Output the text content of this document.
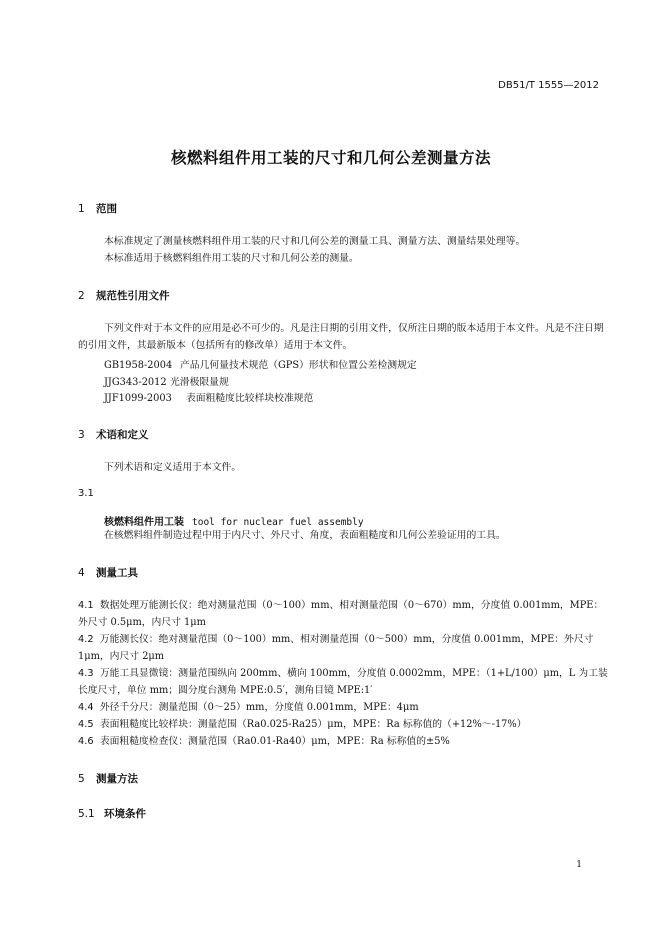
DB51/T 1555—2012
核燃料组件用工装的尺寸和几何公差测量方法
1 范围
本标准规定了测量核燃料组件用工装的尺寸和几何公差的测量工具、测量方法、测量结果处理等。
本标准适用于核燃料组件用工装的尺寸和几何公差的测量。
2 规范性引用文件
下列文件对于本文件的应用是必不可少的。凡是注日期的引用文件，仅所注日期的版本适用于本文件。凡是不注日期的引用文件，其最新版本（包括所有的修改单）适用于本文件。
GB1958-2004 产品几何量技术规范（GPS）形状和位置公差检测规定
JJG343-2012 光滑极限量规
JJF1099-2003 表面粗糙度比较样块校准规范
3 术语和定义
下列术语和定义适用于本文件。
3.1
核燃料组件用工装 tool for nuclear fuel assembly
在核燃料组件制造过程中用于内尺寸、外尺寸、角度，表面粗糙度和几何公差验证用的工具。
4 测量工具
4.1 数据处理万能测长仪：绝对测量范围（0～100）mm、相对测量范围（0～670）mm，分度值 0.001mm，MPE：外尺寸 0.5μm，内尺寸 1μm
4.2 万能测长仪：绝对测量范围（0～100）mm、相对测量范围（0～500）mm，分度值 0.001mm，MPE：外尺寸 1μm，内尺寸 2μm
4.3 万能工具显微镜：测量范围纵向 200mm、横向 100mm，分度值 0.0002mm，MPE：（1+L/100）μm，L 为工装长度尺寸，单位 mm；圆分度台测角 MPE:0.5′，测角目镜 MPE:1′
4.4 外径千分尺：测量范围（0～25）mm，分度值 0.001mm，MPE：4μm
4.5 表面粗糙度比较样块：测量范围（Ra0.025-Ra25）μm，MPE：Ra 标称值的（+12%～-17%）
4.6 表面粗糙度检查仪：测量范围（Ra0.01-Ra40）μm，MPE：Ra 标称值的±5%
5 测量方法
5.1 环境条件
1
